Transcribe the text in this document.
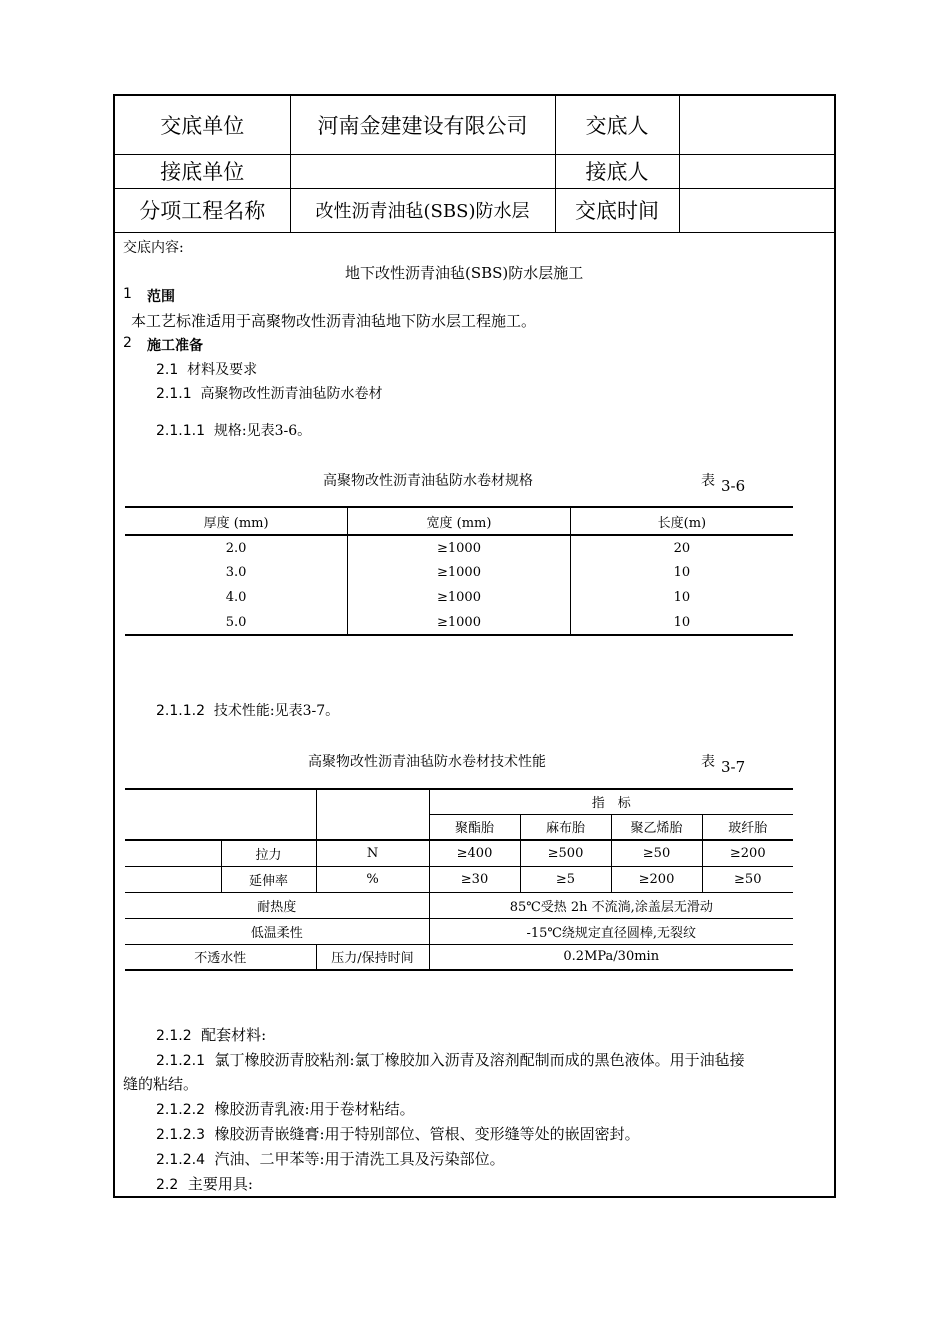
交底单位	河南金建建设有限公司	交底人	
接底单位		接底人	
分项工程名称	改性沥青油毡(SBS)防水层	交底时间	
交底内容:
地下改性沥青油毡(SBS)防水层施工
1 范围
本工艺标准适用于高聚物改性沥青油毡地下防水层工程施工。
2 施工准备
2.1 材料及要求
2.1.1 高聚物改性沥青油毡防水卷材
2.1.1.1 规格:见表3-6。
高聚物改性沥青油毡防水卷材规格	表 3-6
厚度 (mm)	宽度 (mm)	长度(m)
2.0	≥1000	20
3.0	≥1000	10
4.0	≥1000	10
5.0	≥1000	10
2.1.1.2 技术性能:见表3-7。
高聚物改性沥青油毡防水卷材技术性能	表 3-7
			指　标			
			聚酯胎	麻布胎	聚乙烯胎	玻纤胎
	拉力	N	≥400	≥500	≥50	≥200
	延伸率	%	≥30	≥5	≥200	≥50
耐热度			85℃受热 2h 不流淌,涂盖层无滑动			
低温柔性			-15℃绕规定直径圆棒,无裂纹			
不透水性		压力/保持时间	0.2MPa/30min			
2.1.2 配套材料:
2.1.2.1 氯丁橡胶沥青胶粘剂:氯丁橡胶加入沥青及溶剂配制而成的黑色液体。用于油毡接
缝的粘结。
2.1.2.2 橡胶沥青乳液:用于卷材粘结。
2.1.2.3 橡胶沥青嵌缝膏:用于特别部位、管根、变形缝等处的嵌固密封。
2.1.2.4 汽油、二甲苯等:用于清洗工具及污染部位。
2.2 主要用具:
